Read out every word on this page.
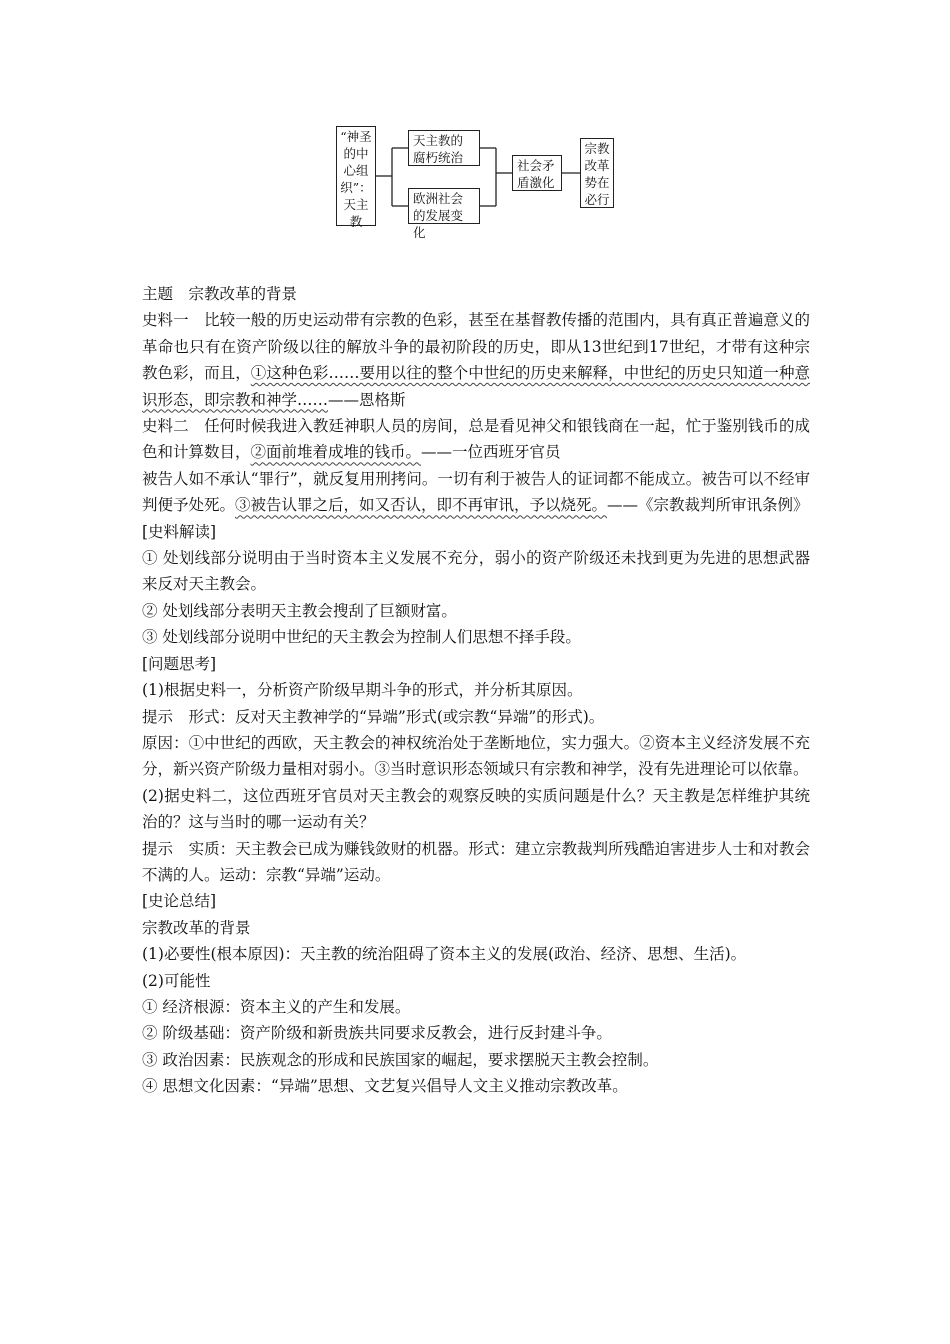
“神圣的中心组织”：天主教
天主教的腐朽统治
欧洲社会的发展变化
社会矛盾激化
宗教改革势在必行

主题　宗教改革的背景

史料一　比较一般的历史运动带有宗教的色彩，甚至在基督教传播的范围内，具有真正普遍意义的革命也只有在资产阶级以往的解放斗争的最初阶段的历史，即从13世纪到17世纪，才带有这种宗教色彩，而且，①这种色彩……要用以往的整个中世纪的历史来解释，中世纪的历史只知道一种意识形态，即宗教和神学……——恩格斯

史料二　任何时候我进入教廷神职人员的房间，总是看见神父和银钱商在一起，忙于鉴别钱币的成色和计算数目，②面前堆着成堆的钱币。——一位西班牙官员

被告人如不承认“罪行”，就反复用刑拷问。一切有利于被告人的证词都不能成立。被告可以不经审判便予处死。③被告认罪之后，如又否认，即不再审讯，予以烧死。——《宗教裁判所审讯条例》

[史料解读]

① 处划线部分说明由于当时资本主义发展不充分，弱小的资产阶级还未找到更为先进的思想武器来反对天主教会。

② 处划线部分表明天主教会搜刮了巨额财富。

③ 处划线部分说明中世纪的天主教会为控制人们思想不择手段。

[问题思考]

(1)根据史料一，分析资产阶级早期斗争的形式，并分析其原因。

提示　形式：反对天主教神学的“异端”形式(或宗教“异端”的形式)。

原因：①中世纪的西欧，天主教会的神权统治处于垄断地位，实力强大。②资本主义经济发展不充分，新兴资产阶级力量相对弱小。③当时意识形态领域只有宗教和神学，没有先进理论可以依靠。

(2)据史料二，这位西班牙官员对天主教会的观察反映的实质问题是什么？天主教是怎样维护其统治的？这与当时的哪一运动有关？

提示　实质：天主教会已成为赚钱敛财的机器。形式：建立宗教裁判所残酷迫害进步人士和对教会不满的人。运动：宗教“异端”运动。

[史论总结]

宗教改革的背景

(1)必要性(根本原因)：天主教的统治阻碍了资本主义的发展(政治、经济、思想、生活)。

(2)可能性

① 经济根源：资本主义的产生和发展。

② 阶级基础：资产阶级和新贵族共同要求反教会，进行反封建斗争。

③ 政治因素：民族观念的形成和民族国家的崛起，要求摆脱天主教会控制。

④ 思想文化因素：“异端”思想、文艺复兴倡导人文主义推动宗教改革。
